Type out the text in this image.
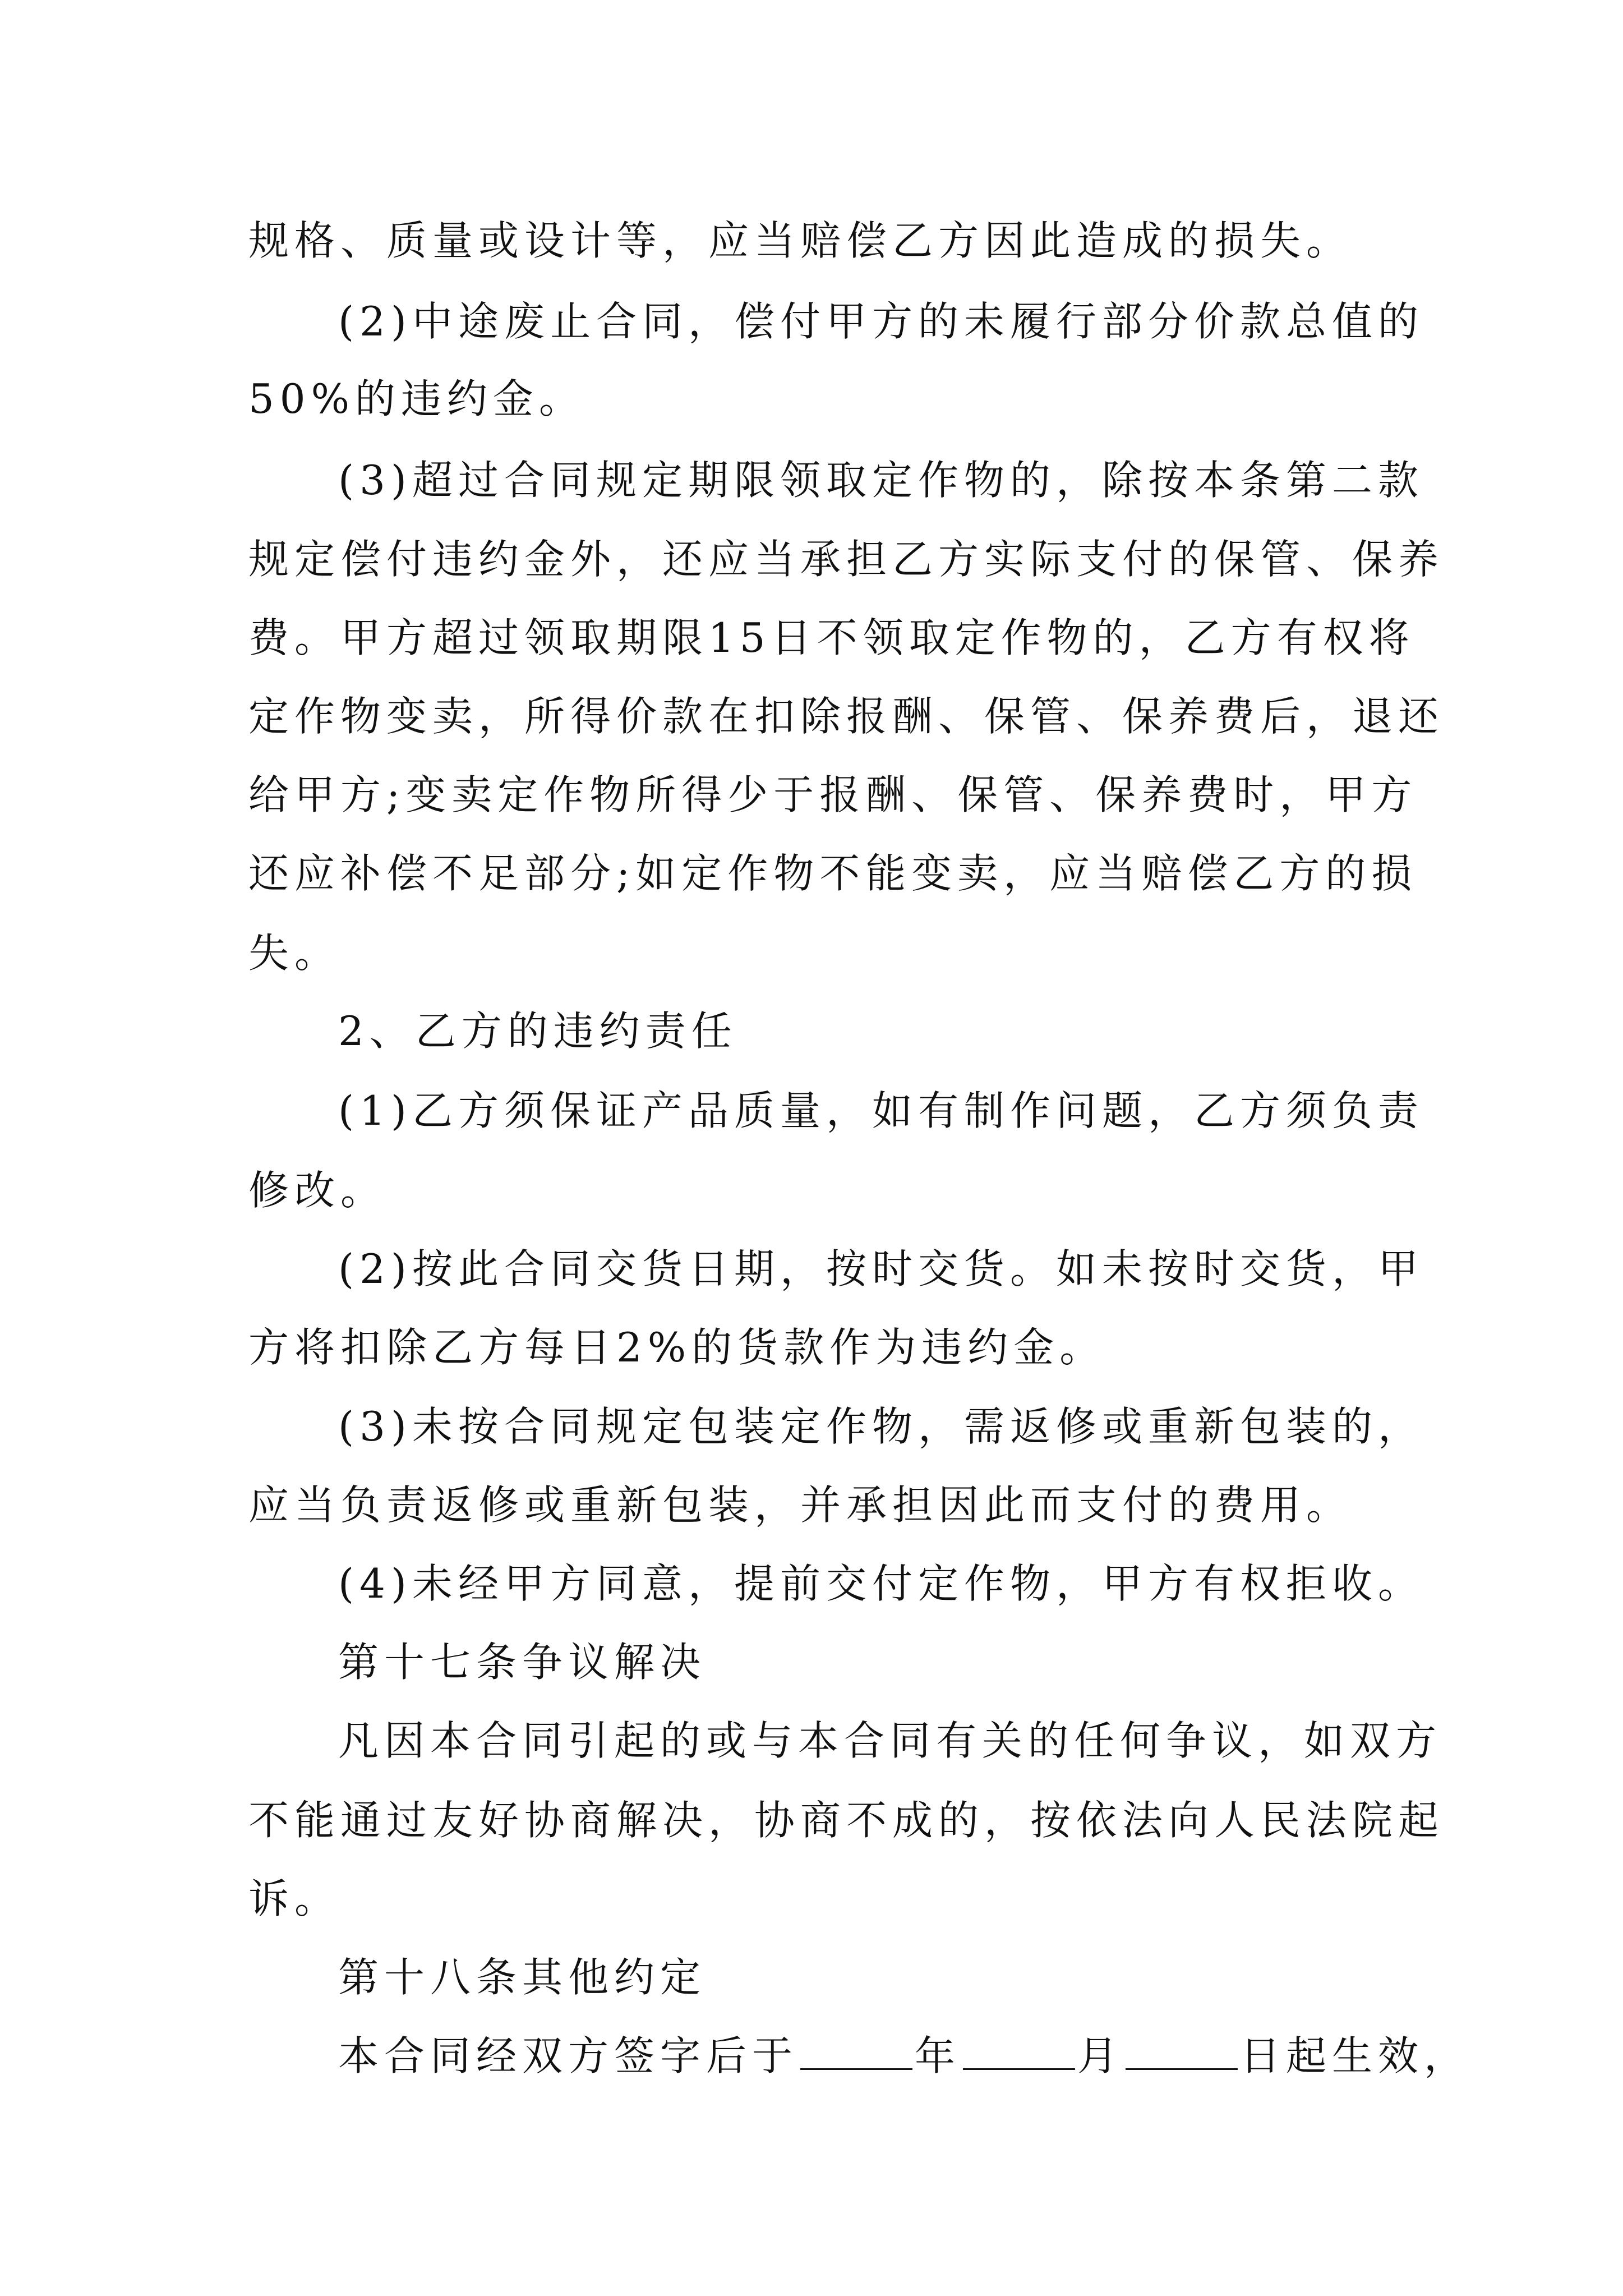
规格、质量或设计等，应当赔偿乙方因此造成的损失。
(2)中途废止合同，偿付甲方的未履行部分价款总值的
50%的违约金。
(3)超过合同规定期限领取定作物的，除按本条第二款
规定偿付违约金外，还应当承担乙方实际支付的保管、保养
费。甲方超过领取期限15日不领取定作物的，乙方有权将
定作物变卖，所得价款在扣除报酬、保管、保养费后，退还
给甲方;变卖定作物所得少于报酬、保管、保养费时，甲方
还应补偿不足部分;如定作物不能变卖，应当赔偿乙方的损
失。
2、乙方的违约责任
(1)乙方须保证产品质量，如有制作问题，乙方须负责
修改。
(2)按此合同交货日期，按时交货。如未按时交货，甲
方将扣除乙方每日2%的货款作为违约金。
(3)未按合同规定包装定作物，需返修或重新包装的，
应当负责返修或重新包装，并承担因此而支付的费用。
(4)未经甲方同意，提前交付定作物，甲方有权拒收。
第十七条争议解决
凡因本合同引起的或与本合同有关的任何争议，如双方
不能通过友好协商解决，协商不成的，按依法向人民法院起
诉。
第十八条其他约定
本合同经双方签字后于	年	月	日起生效，
